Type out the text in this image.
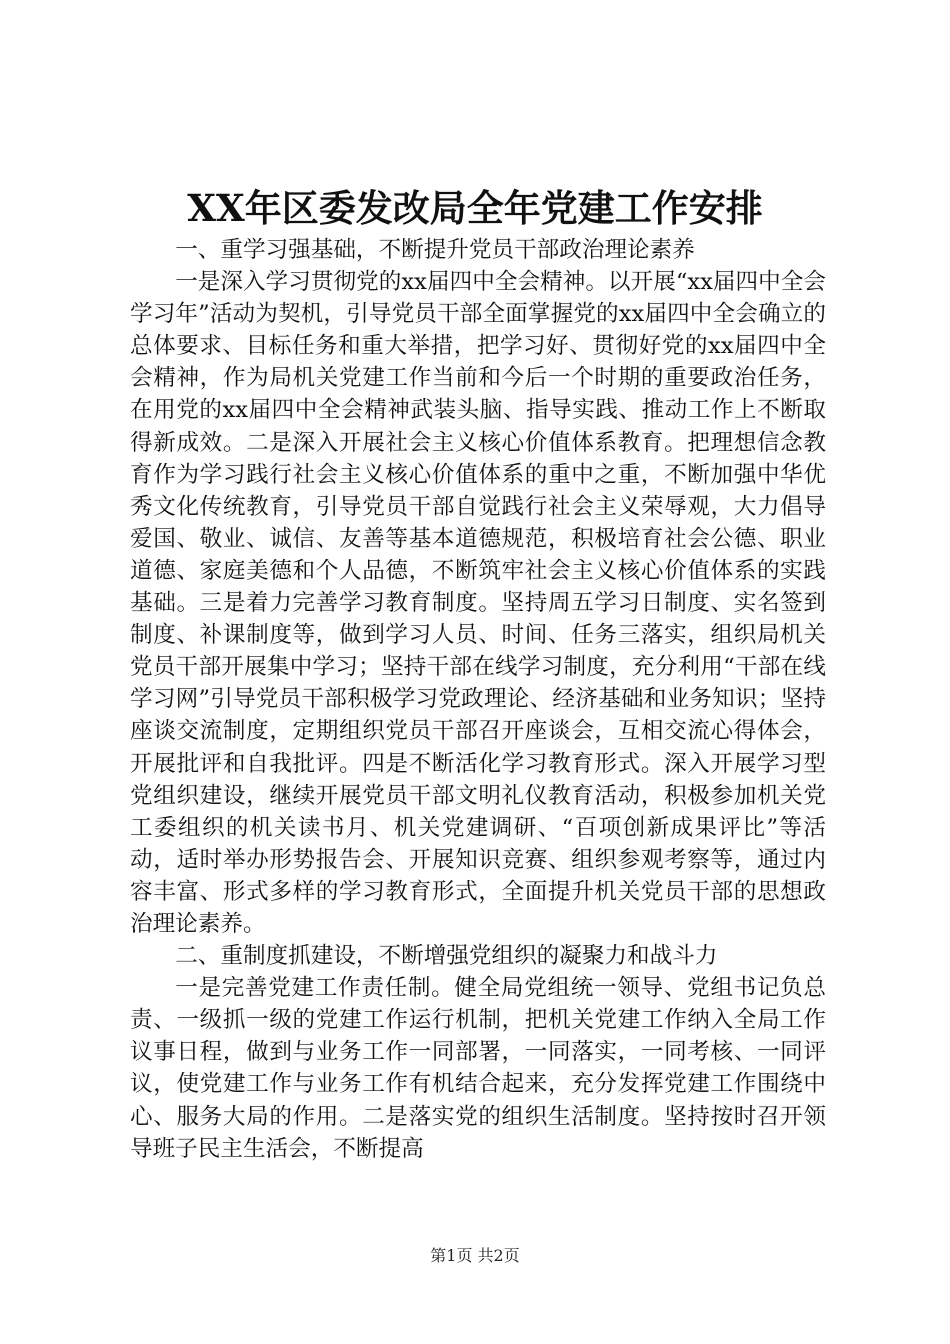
XX年区委发改局全年党建工作安排

一、重学习强基础，不断提升党员干部政治理论素养

一是深入学习贯彻党的xx届四中全会精神。以开展“xx届四中全会学习年”活动为契机，引导党员干部全面掌握党的xx届四中全会确立的总体要求、目标任务和重大举措，把学习好、贯彻好党的xx届四中全会精神，作为局机关党建工作当前和今后一个时期的重要政治任务，在用党的xx届四中全会精神武装头脑、指导实践、推动工作上不断取得新成效。二是深入开展社会主义核心价值体系教育。把理想信念教育作为学习践行社会主义核心价值体系的重中之重，不断加强中华优秀文化传统教育，引导党员干部自觉践行社会主义荣辱观，大力倡导爱国、敬业、诚信、友善等基本道德规范，积极培育社会公德、职业道德、家庭美德和个人品德，不断筑牢社会主义核心价值体系的实践基础。三是着力完善学习教育制度。坚持周五学习日制度、实名签到制度、补课制度等，做到学习人员、时间、任务三落实，组织局机关党员干部开展集中学习；坚持干部在线学习制度，充分利用“干部在线学习网”引导党员干部积极学习党政理论、经济基础和业务知识；坚持座谈交流制度，定期组织党员干部召开座谈会，互相交流心得体会，开展批评和自我批评。四是不断活化学习教育形式。深入开展学习型党组织建设，继续开展党员干部文明礼仪教育活动，积极参加机关党工委组织的机关读书月、机关党建调研、“百项创新成果评比”等活动，适时举办形势报告会、开展知识竞赛、组织参观考察等，通过内容丰富、形式多样的学习教育形式，全面提升机关党员干部的思想政治理论素养。

二、重制度抓建设，不断增强党组织的凝聚力和战斗力

一是完善党建工作责任制。健全局党组统一领导、党组书记负总责、一级抓一级的党建工作运行机制，把机关党建工作纳入全局工作议事日程，做到与业务工作一同部署，一同落实，一同考核、一同评议，使党建工作与业务工作有机结合起来，充分发挥党建工作围绕中心、服务大局的作用。二是落实党的组织生活制度。坚持按时召开领导班子民主生活会，不断提高

第1页 共2页
